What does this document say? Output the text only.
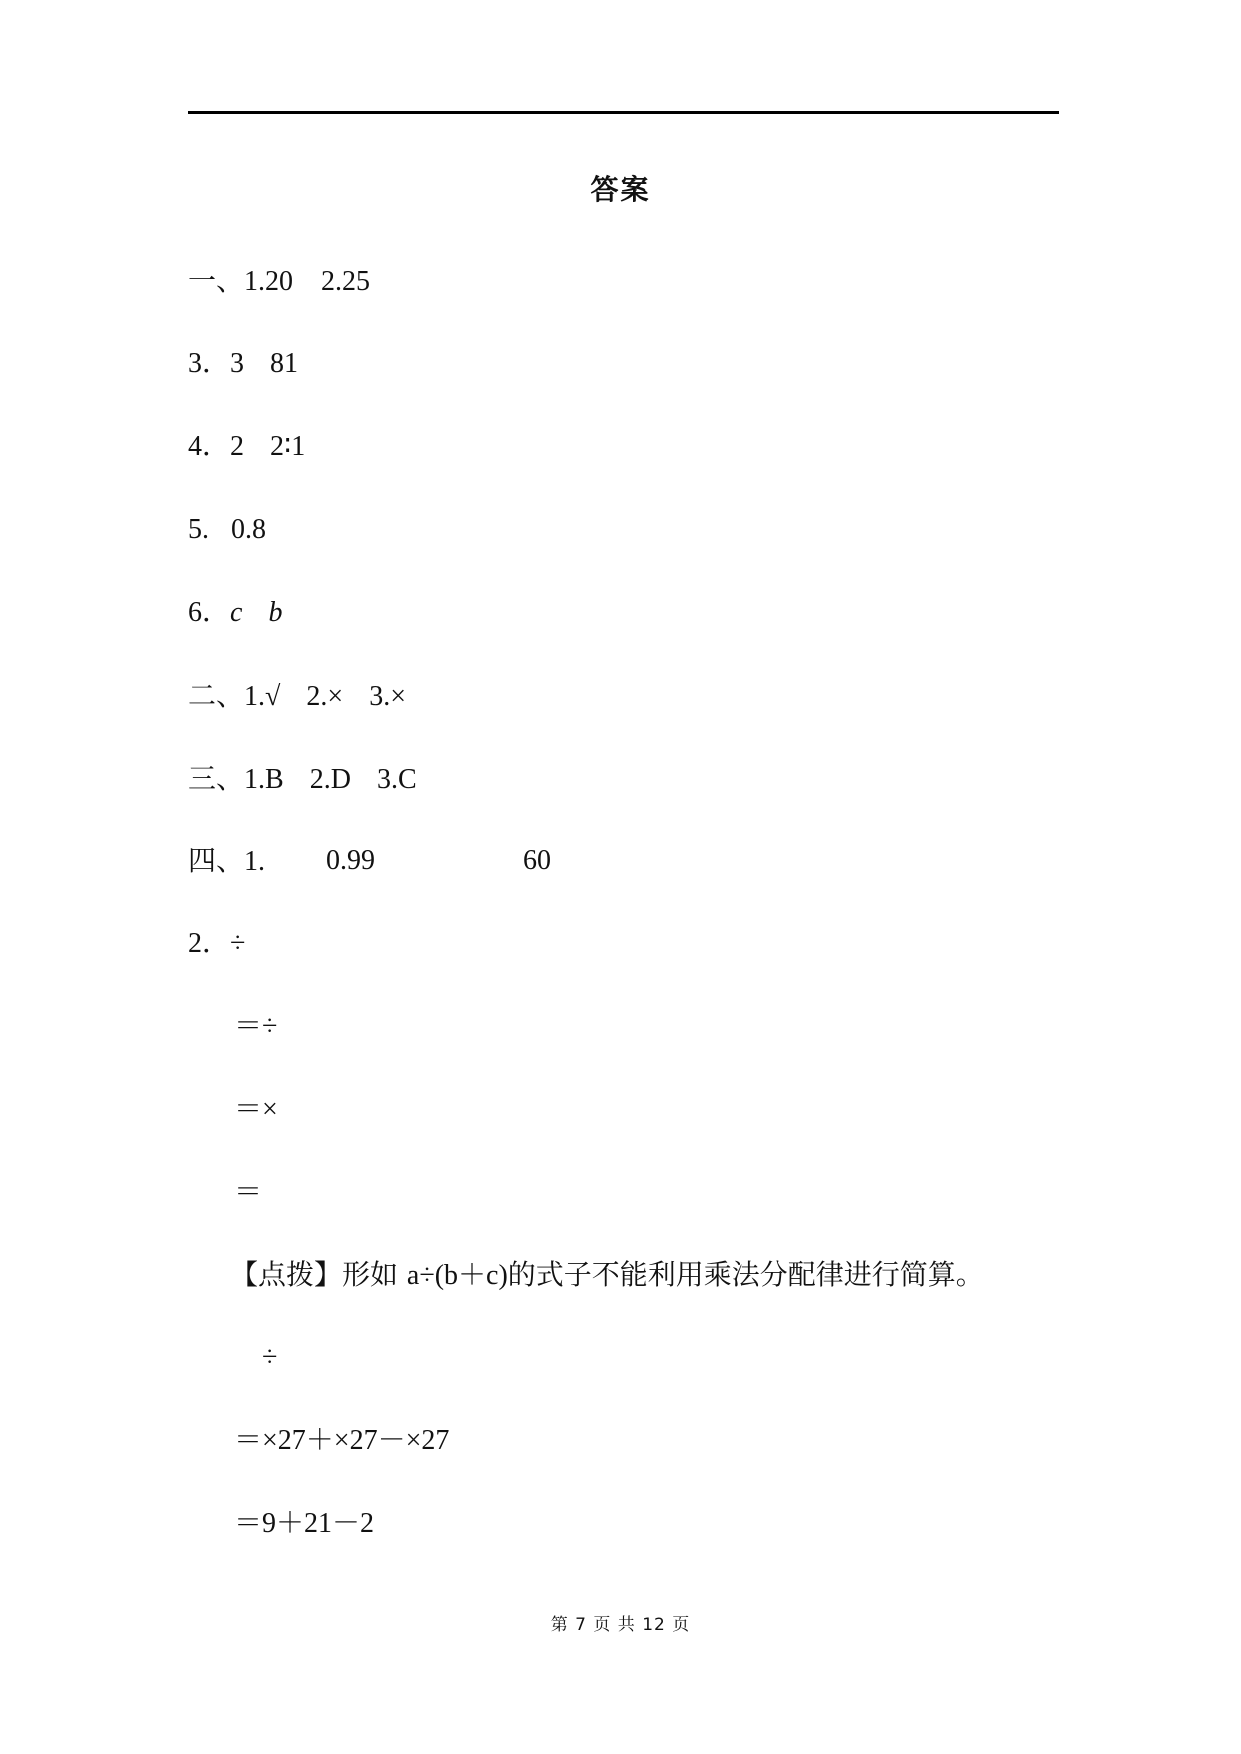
答案
一、1.20 2.25
3．3 81
4．2 2∶1
5. 0.8
6．c b
二、1.√ 2.× 3.×
三、1.B 2.D 3.C
四、1. 0.99	60
2．÷
＝÷
＝×
＝
【点拨】形如 a÷(b＋c)的式子不能利用乘法分配律进行简算。
÷
＝×27＋×27－×27
＝9＋21－2
第 7 页 共 12 页
